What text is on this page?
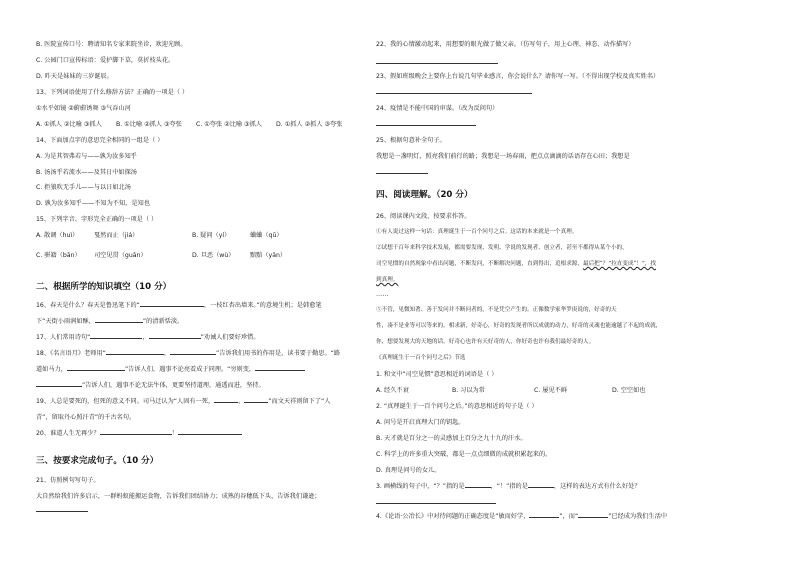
B. 医院宣传口号：聘请知名专家来院坐诊，欢迎光顾。
C. 公园门口宣传标语：爱护脚下草，莫折枝头花。
D. 昨天是妹妹的三岁诞辰。
13、下列词语使用了什么修辞方法？正确的一项是（ ）
①水平如镜 ②蔚蔚诱舞 ③气吞山河
A. ①抓人 ②比喻 ③抓人 B. ①比喻 ②抓人 ③夸张 C. ①夸张 ②比喻 ③抓人 D. ①抓人 ②抓人 ③夸张
14、下面加点字的意思完全相同的一组是（ ）
A. 为是其智弗若与——孰为汝多知乎
B. 汤汤乎若流水——及其日中如探汤
C. 拒狼吹无手儿——与以日如北汤
D. 孰为汝多知乎——不知为不知，是知也
15、下列字音、字形完全正确的一项是（ ）
A. 散调（huì）	戛然而止（jiá）	B. 疑问（yí）	蛐蛐（qū）
C. 骈籍（bān） 司空见贯（guān）	D. 旦恶（wù）	黯黯（yān）
二、根据所学的知识填空（10 分）
16、春天是什么？春天是鲁迅笔下的“	，一枝红杏出墙来。”的意境生机；是韩愈笔
下“天街小雨润如酥，	”的清新恬淡。
17、人们常用诗句“	，	”劝诫人们要好珍惜。
18、《名言语月》老师用“	，	”告诉我们用书的作用是，读书要于勤思。“路
道如马力，	”告诉人们，遇事不论亮看成于同理。“穷则变，
”告诉人们，遇事不论无法牛体，更要坚持道理，通透而进，坚持。
19、人总是要死的，但死的意义不同。司马迁认为“人固有一死，	，	”而文天祥则留下了“人
青”，留取丹心照汗青”的千古名句。
20、谁道人生无再少？	！
三、按要求完成句子。（10 分）
21、仿照例句写句子。
大自然给我们许多启示，一群蚂蚁能搬运食物，告诉我们团结协力；成熟的谷穗低下头，告诉我们谦逊；
22、我的心情激动起来，用想要的眼光做了做父亲。（仿写句子，用上心理、神态、动作描写）
23、假如班级晚会上要你上台说几句毕业感言，你会说什么？请你写一写。（不得出现学校及真实姓名）
24、疫情是不能中国的审谋。（改为反问句）
25、根据句意补全句子。
我想是一盏明灯，照亮我们前行的路；我想是一场春雨，把点点滴滴的话语存在心田；我想是
四、阅读理解。（20 分）
26、阅读课内文段，按要求作答。
①有人说过这样一句话：真理诞生于一百个问号之后。这话的本来就是一个真理。
②试想千百年来科学技术发展，都需要发现、发明、学说的发现者、创立者，甚至不都得从某个小的，
司空见惯的自然现象中看出问题，不断发问，不断解决问题，直到得出，追根求源，最后把“？”拉直变成“！”，找
到真理。
……
⑤不管，见微知著、善于发问并不断问者的，不是凭空产生的。正像数学家华罗庚说的，好奇的天
性，凑不是业等可以等来的。相求新，好奇心，好奇的发现者所以成就的动力，好奇的灵魂也能逾越了不起的成就，
你，想要发现大的天地的话，好奇心也许有天好奇的人，你好奇也许有我们最好奇的人。
《真理诞生于一百个问号之后》节选
1. 和文中“司空见惯”意思相近的词语是（ ）
A. 经久不衰	B. 习以为常	C. 屡见不鲜	D. 空空如也
2. “真理诞生于一百个问号之后。”的意思相近的句子是（ ）
A. 问号是开启真理大门的钥匙。
B. 天才就是百分之一的灵感加上百分之九十九的汗水。
C. 科学上的许多重大突破，都是一点点细微的成就积累起来的。
D. 真理是问号的女儿。
3. 画横线的句子中，“？”指的是	，“！”指的是	，这样的表达方式有什么好处？
4.《论语·公冶长》中对待问题的正确态度是“敏而好学，	”，而“	”已经成为我们生活中
